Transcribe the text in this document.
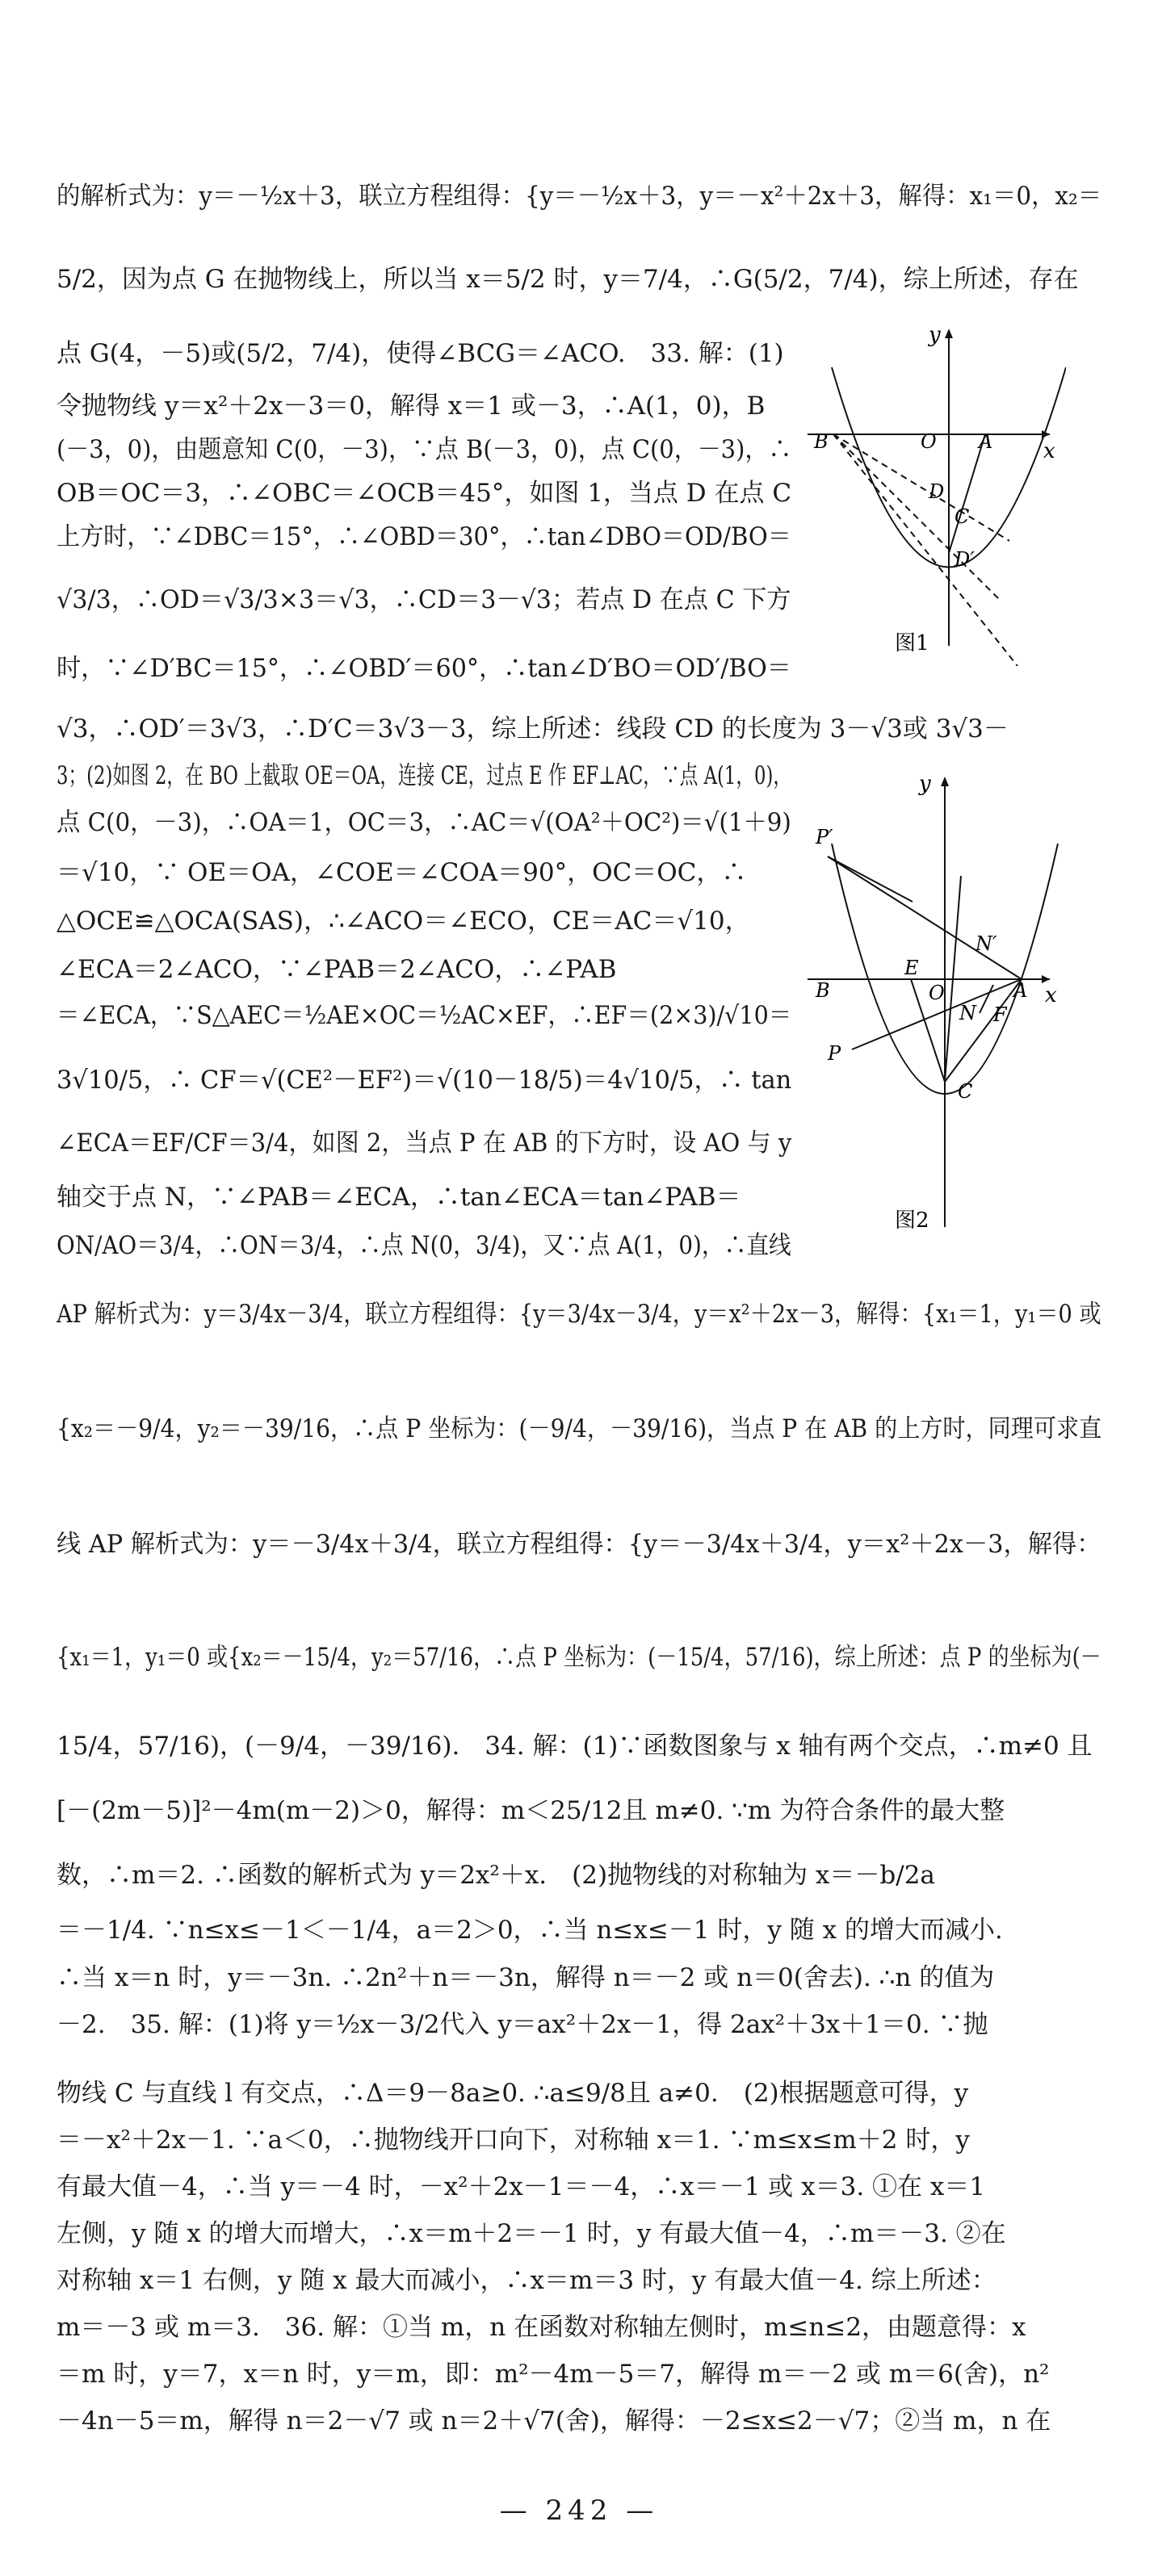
y
x
B	O A
D
C
D′
图1
y
x
P′
N′
B
E
O	A
N F
P
C
图2
的解析式为：y＝－½x＋3，联立方程组得：{y＝－½x＋3，y＝－x²＋2x＋3，解得：x₁＝0，x₂＝
5/2，因为点 G 在抛物线上，所以当 x＝5/2 时，y＝7/4，∴G(5/2，7/4)，综上所述，存在
点 G(4，－5)或(5/2，7/4)，使得∠BCG＝∠ACO.　33. 解：(1)
令抛物线 y＝x²＋2x－3＝0，解得 x＝1 或－3，∴A(1，0)，B
(－3，0)，由题意知 C(0，－3)，∵点 B(－3，0)，点 C(0，－3)，∴
OB＝OC＝3，∴∠OBC＝∠OCB＝45°，如图 1，当点 D 在点 C
上方时，∵∠DBC＝15°，∴∠OBD＝30°，∴tan∠DBO＝OD/BO＝
√3/3，∴OD＝√3/3×3＝√3，∴CD＝3－√3；若点 D 在点 C 下方
时，∵∠D′BC＝15°，∴∠OBD′＝60°，∴tan∠D′BO＝OD′/BO＝
√3，∴OD′＝3√3，∴D′C＝3√3－3，综上所述：线段 CD 的长度为 3－√3或 3√3－
3；(2)如图 2，在 BO 上截取 OE＝OA，连接 CE，过点 E 作 EF⊥AC，∵点 A(1，0)，
点 C(0，－3)，∴OA＝1，OC＝3，∴AC＝√(OA²＋OC²)＝√(1＋9)
＝√10，∵ OE＝OA，∠COE＝∠COA＝90°，OC＝OC，∴
△OCE≌△OCA(SAS)，∴∠ACO＝∠ECO，CE＝AC＝√10，
∠ECA＝2∠ACO，∵∠PAB＝2∠ACO，∴∠PAB
＝∠ECA，∵S△AEC＝½AE×OC＝½AC×EF，∴EF＝(2×3)/√10＝
3√10/5，∴ CF＝√(CE²－EF²)＝√(10－18/5)＝4√10/5，∴ tan
∠ECA＝EF/CF＝3/4，如图 2，当点 P 在 AB 的下方时，设 AO 与 y
轴交于点 N，∵∠PAB＝∠ECA，∴tan∠ECA＝tan∠PAB＝
ON/AO＝3/4，∴ON＝3/4，∴点 N(0，3/4)，又∵点 A(1，0)，∴直线
AP 解析式为：y＝3/4x－3/4，联立方程组得：{y＝3/4x－3/4，y＝x²＋2x－3，解得：{x₁＝1，y₁＝0 或
{x₂＝－9/4，y₂＝－39/16，∴点 P 坐标为：(－9/4，－39/16)，当点 P 在 AB 的上方时，同理可求直
线 AP 解析式为：y＝－3/4x＋3/4，联立方程组得：{y＝－3/4x＋3/4，y＝x²＋2x－3，解得：
{x₁＝1，y₁＝0 或{x₂＝－15/4，y₂＝57/16，∴点 P 坐标为：(－15/4，57/16)，综上所述：点 P 的坐标为(－
15/4，57/16)，(－9/4，－39/16).　34. 解：(1)∵函数图象与 x 轴有两个交点，∴m≠0 且
[－(2m－5)]²－4m(m－2)＞0，解得：m＜25/12且 m≠0. ∵m 为符合条件的最大整
数，∴m＝2. ∴函数的解析式为 y＝2x²＋x.　(2)抛物线的对称轴为 x＝－b/2a
＝－1/4. ∵n≤x≤－1＜－1/4，a＝2＞0，∴当 n≤x≤－1 时，y 随 x 的增大而减小.
∴当 x＝n 时，y＝－3n. ∴2n²＋n＝－3n，解得 n＝－2 或 n＝0(舍去). ∴n 的值为
－2.　35. 解：(1)将 y＝½x－3/2代入 y＝ax²＋2x－1，得 2ax²＋3x＋1＝0. ∵抛
物线 C 与直线 l 有交点，∴Δ＝9－8a≥0. ∴a≤9/8且 a≠0.　(2)根据题意可得，y
＝－x²＋2x－1. ∵a＜0，∴抛物线开口向下，对称轴 x＝1. ∵m≤x≤m＋2 时，y
有最大值－4，∴当 y＝－4 时，－x²＋2x－1＝－4，∴x＝－1 或 x＝3. ①在 x＝1
左侧，y 随 x 的增大而增大，∴x＝m＋2＝－1 时，y 有最大值－4，∴m＝－3. ②在
对称轴 x＝1 右侧，y 随 x 最大而减小，∴x＝m＝3 时，y 有最大值－4. 综上所述：
m＝－3 或 m＝3.　36. 解：①当 m，n 在函数对称轴左侧时，m≤n≤2，由题意得：x
＝m 时，y＝7，x＝n 时，y＝m，即：m²－4m－5＝7，解得 m＝－2 或 m＝6(舍)，n²
－4n－5＝m，解得 n＝2－√7 或 n＝2＋√7(舍)，解得：－2≤x≤2－√7；②当 m，n 在
— 242 —
